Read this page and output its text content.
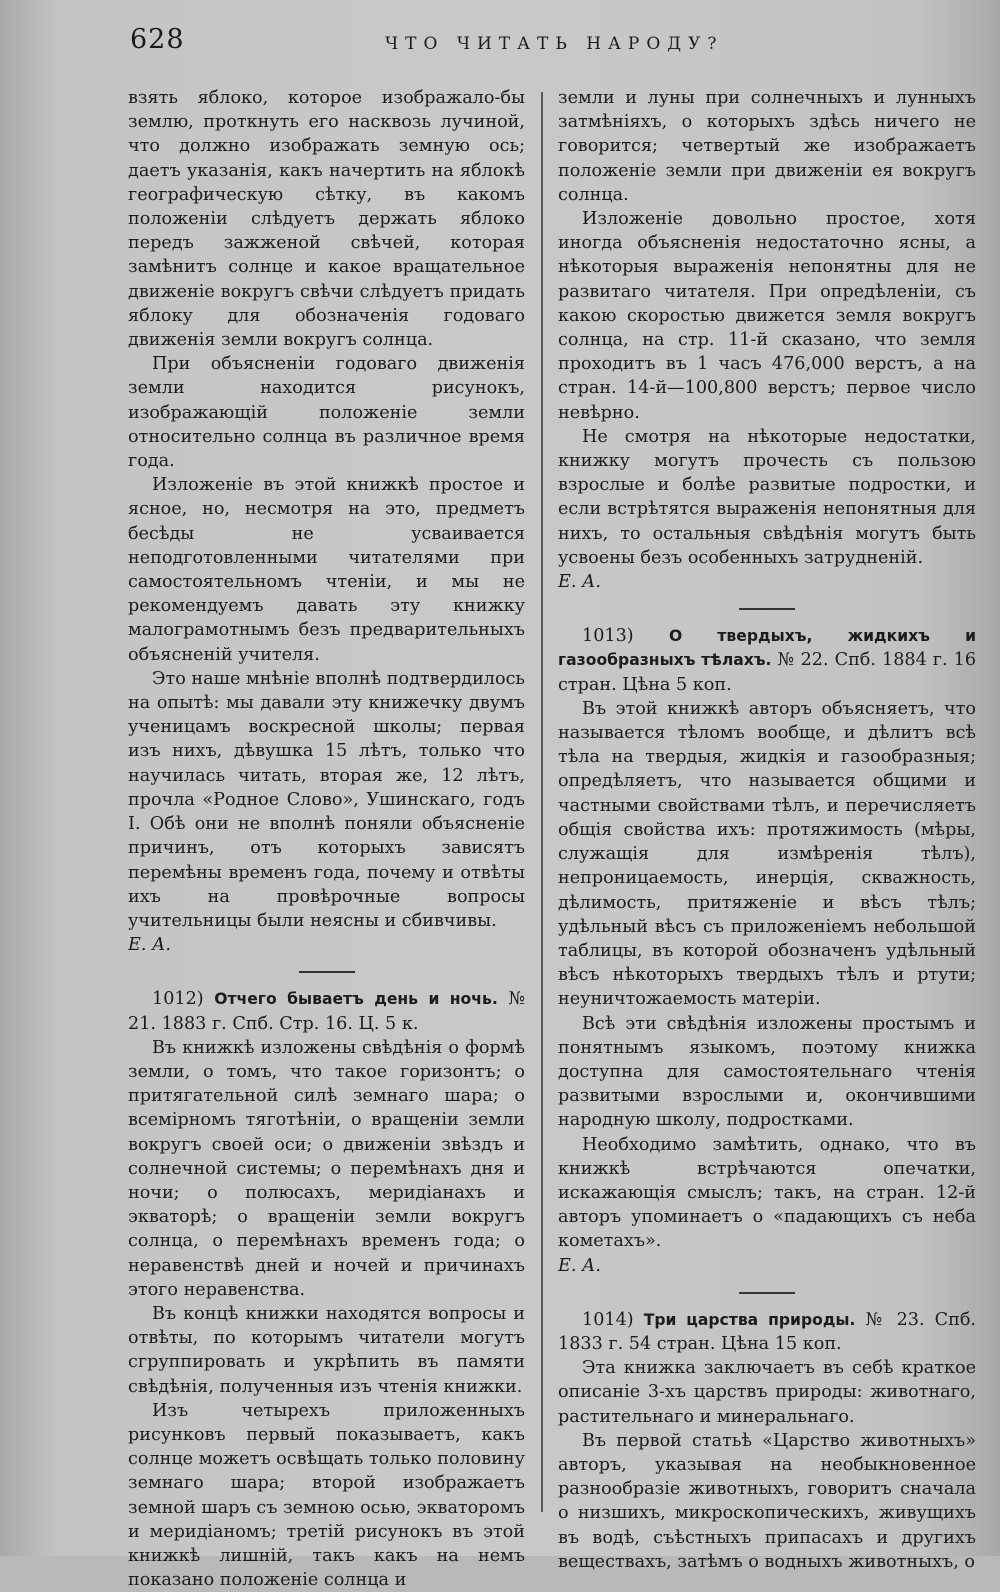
628	ЧТО ЧИТАТЬ НАРОДУ?

взять яблоко, которое изображало-бы землю, проткнуть его насквозь лучиной, что должно изображать земную ось; даетъ указанія, какъ начертить на яблокѣ географическую сѣтку, въ какомъ положеніи слѣдуетъ держать яблоко передъ зажженой свѣчей, которая замѣнитъ солнце и какое вращательное движеніе вокругъ свѣчи слѣдуетъ придать яблоку для обозначенія годоваго движенія земли вокругъ солнца.

При объясненіи годоваго движенія земли находится рисунокъ, изображающій положеніе земли относительно солнца въ различное время года.

Изложеніе въ этой книжкѣ простое и ясное, но, несмотря на это, предметъ бесѣды не усваивается неподготовленными читателями при самостоятельномъ чтеніи, и мы не рекомендуемъ давать эту книжку малограмотнымъ безъ предварительныхъ объясненій учителя.

Это наше мнѣніе вполнѣ подтвердилось на опытѣ: мы давали эту книжечку двумъ ученицамъ воскресной школы; первая изъ нихъ, дѣвушка 15 лѣтъ, только что научилась читать, вторая же, 12 лѣтъ, прочла «Родное Слово», Ушинскаго, годъ I. Обѣ они не вполнѣ поняли объясненіе причинъ, отъ которыхъ зависятъ перемѣны временъ года, почему и отвѣты ихъ на провѣрочные вопросы учительницы были неясны и сбивчивы.

Е. А.

1012) Отчего бываетъ день и ночь. № 21. 1883 г. Спб. Стр. 16. Ц. 5 к.

Въ книжкѣ изложены свѣдѣнія о формѣ земли, о томъ, что такое горизонтъ; о притягательной силѣ земнаго шара; о всемірномъ тяготѣніи, о вращеніи земли вокругъ своей оси; о движеніи звѣздъ и солнечной системы; о перемѣнахъ дня и ночи; о полюсахъ, меридіанахъ и экваторѣ; о вращеніи земли вокругъ солнца, о перемѣнахъ временъ года; о неравенствѣ дней и ночей и причинахъ этого неравенства.

Въ концѣ книжки находятся вопросы и отвѣты, по которымъ читатели могутъ сгруппировать и укрѣпить въ памяти свѣдѣнія, полученныя изъ чтенія книжки.

Изъ четырехъ приложенныхъ рисунковъ первый показываетъ, какъ солнце можетъ освѣщать только половину земнаго шара; второй изображаетъ земной шаръ съ земною осью, экваторомъ и меридіаномъ; третій рисунокъ въ этой книжкѣ лишній, такъ какъ на немъ показано положеніе солнца и

земли и луны при солнечныхъ и лунныхъ затмѣніяхъ, о которыхъ здѣсь ничего не говорится; четвертый же изображаетъ положеніе земли при движеніи ея вокругъ солнца.

Изложеніе довольно простое, хотя иногда объясненія недостаточно ясны, а нѣкоторыя выраженія непонятны для не развитаго читателя. При опредѣленіи, съ какою скоростью движется земля вокругъ солнца, на стр. 11-й сказано, что земля проходитъ въ 1 часъ 476,000 верстъ, а на стран. 14-й—100,800 верстъ; первое число невѣрно.

Не смотря на нѣкоторые недостатки, книжку могутъ прочесть съ пользою взрослые и болѣе развитые подростки, и если встрѣтятся выраженія непонятныя для нихъ, то остальныя свѣдѣнія могутъ быть усвоены безъ особенныхъ затрудненій.

Е. А.

1013) О твердыхъ, жидкихъ и газообразныхъ тѣлахъ. № 22. Спб. 1884 г. 16 стран. Цѣна 5 коп.

Въ этой книжкѣ авторъ объясняетъ, что называется тѣломъ вообще, и дѣлитъ всѣ тѣла на твердыя, жидкія и газообразныя; опредѣляетъ, что называется общими и частными свойствами тѣлъ, и перечисляетъ общія свойства ихъ: протяжимость (мѣры, служащія для измѣренія тѣлъ), непроницаемость, инерція, скважность, дѣлимость, притяженіе и вѣсъ тѣлъ; удѣльный вѣсъ съ приложеніемъ небольшой таблицы, въ которой обозначенъ удѣльный вѣсъ нѣкоторыхъ твердыхъ тѣлъ и ртути; неуничтожаемость матеріи.

Всѣ эти свѣдѣнія изложены простымъ и понятнымъ языкомъ, поэтому книжка доступна для самостоятельнаго чтенія развитыми взрослыми и, окончившими народную школу, подростками.

Необходимо замѣтить, однако, что въ книжкѣ встрѣчаются опечатки, искажающія смыслъ; такъ, на стран. 12-й авторъ упоминаетъ о «падающихъ съ неба кометахъ».

Е. А.

1014) Три царства природы. № 23. Спб. 1833 г. 54 стран. Цѣна 15 коп.

Эта книжка заключаетъ въ себѣ краткое описаніе 3-хъ царствъ природы: животнаго, растительнаго и минеральнаго.

Въ первой статьѣ «Царство животныхъ» авторъ, указывая на необыкновенное разнообразіе животныхъ, говоритъ сначала о низшихъ, микроскопическихъ, живущихъ въ водѣ, съѣстныхъ припасахъ и другихъ веществахъ, затѣмъ о водныхъ животныхъ, о
